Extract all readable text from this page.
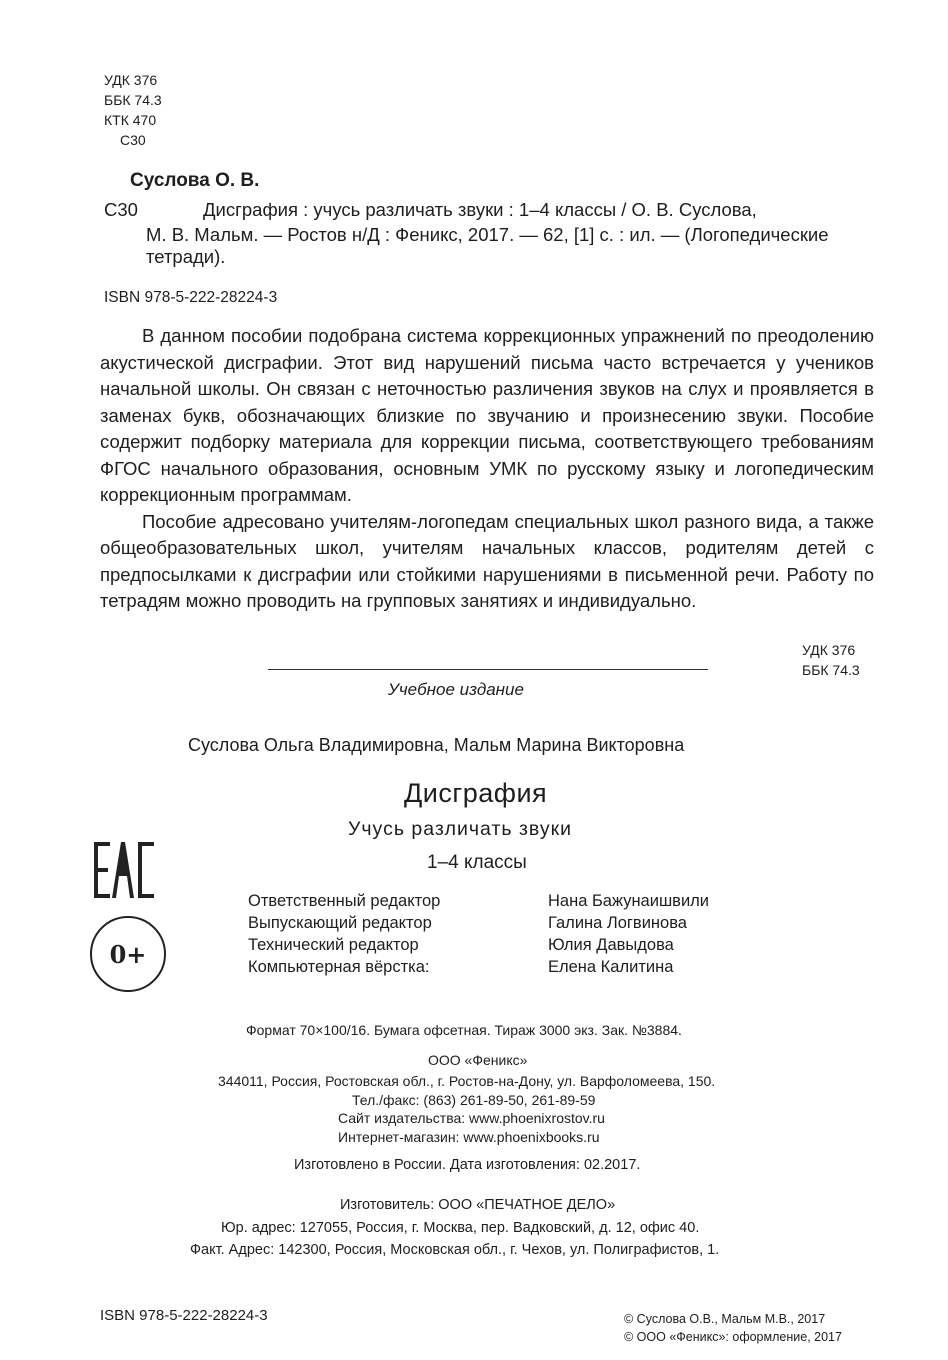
УДК 376
ББК 74.3
КТК 470
С30
Суслова О. В.
С30	Дисграфия : учусь различать звуки : 1–4 классы / О. В. Суслова,
М. В. Мальм. — Ростов н/Д : Феникс, 2017. — 62, [1] с. : ил. — (Логопедические
тетради).
ISBN 978-5-222-28224-3

В данном пособии подобрана система коррекционных упражнений по преодолению акустической дисграфии. Этот вид нарушений письма часто встречается у учеников начальной школы. Он связан с неточностью различения звуков на слух и проявляется в заменах букв, обозначающих близкие по звучанию и произнесению звуки. Пособие содержит подборку материала для коррекции письма, соответствующего требованиям ФГОС начального образования, основным УМК по русскому языку и логопедическим коррекционным программам.

Пособие адресовано учителям-логопедам специальных школ разного вида, а также общеобразовательных школ, учителям начальных классов, родителям детей с предпосылками к дисграфии или стойкими нарушениями в письменной речи. Работу по тетрадям можно проводить на групповых занятиях и индивидуально.

УДК 376
ББК 74.3
Учебное издание
Суслова Ольга Владимировна, Мальм Марина Викторовна
Дисграфия
Учусь различать звуки
1–4 классы
0+
Ответственный редактор
Выпускающий редактор
Технический редактор
Компьютерная вёрстка:
Нана Бажунаишвили
Галина Логвинова
Юлия Давыдова
Елена Калитина
Формат 70×100/16. Бумага офсетная. Тираж 3000 экз. Зак. №3884.
ООО «Феникс»
344011, Россия, Ростовская обл., г. Ростов-на-Дону, ул. Варфоломеева, 150.
Тел./факс: (863) 261-89-50, 261-89-59
Сайт издательства: www.phoenixrostov.ru
Интернет-магазин: www.phoenixbooks.ru
Изготовлено в России. Дата изготовления: 02.2017.
Изготовитель: ООО «ПЕЧАТНОЕ ДЕЛО»
Юр. адрес: 127055, Россия, г. Москва, пер. Вадковский, д. 12, офис 40.
Факт. Адрес: 142300, Россия, Московская обл., г. Чехов, ул. Полиграфистов, 1.
ISBN 978-5-222-28224-3	© Суслова О.В., Мальм М.В., 2017
© ООО «Феникс»: оформление, 2017
